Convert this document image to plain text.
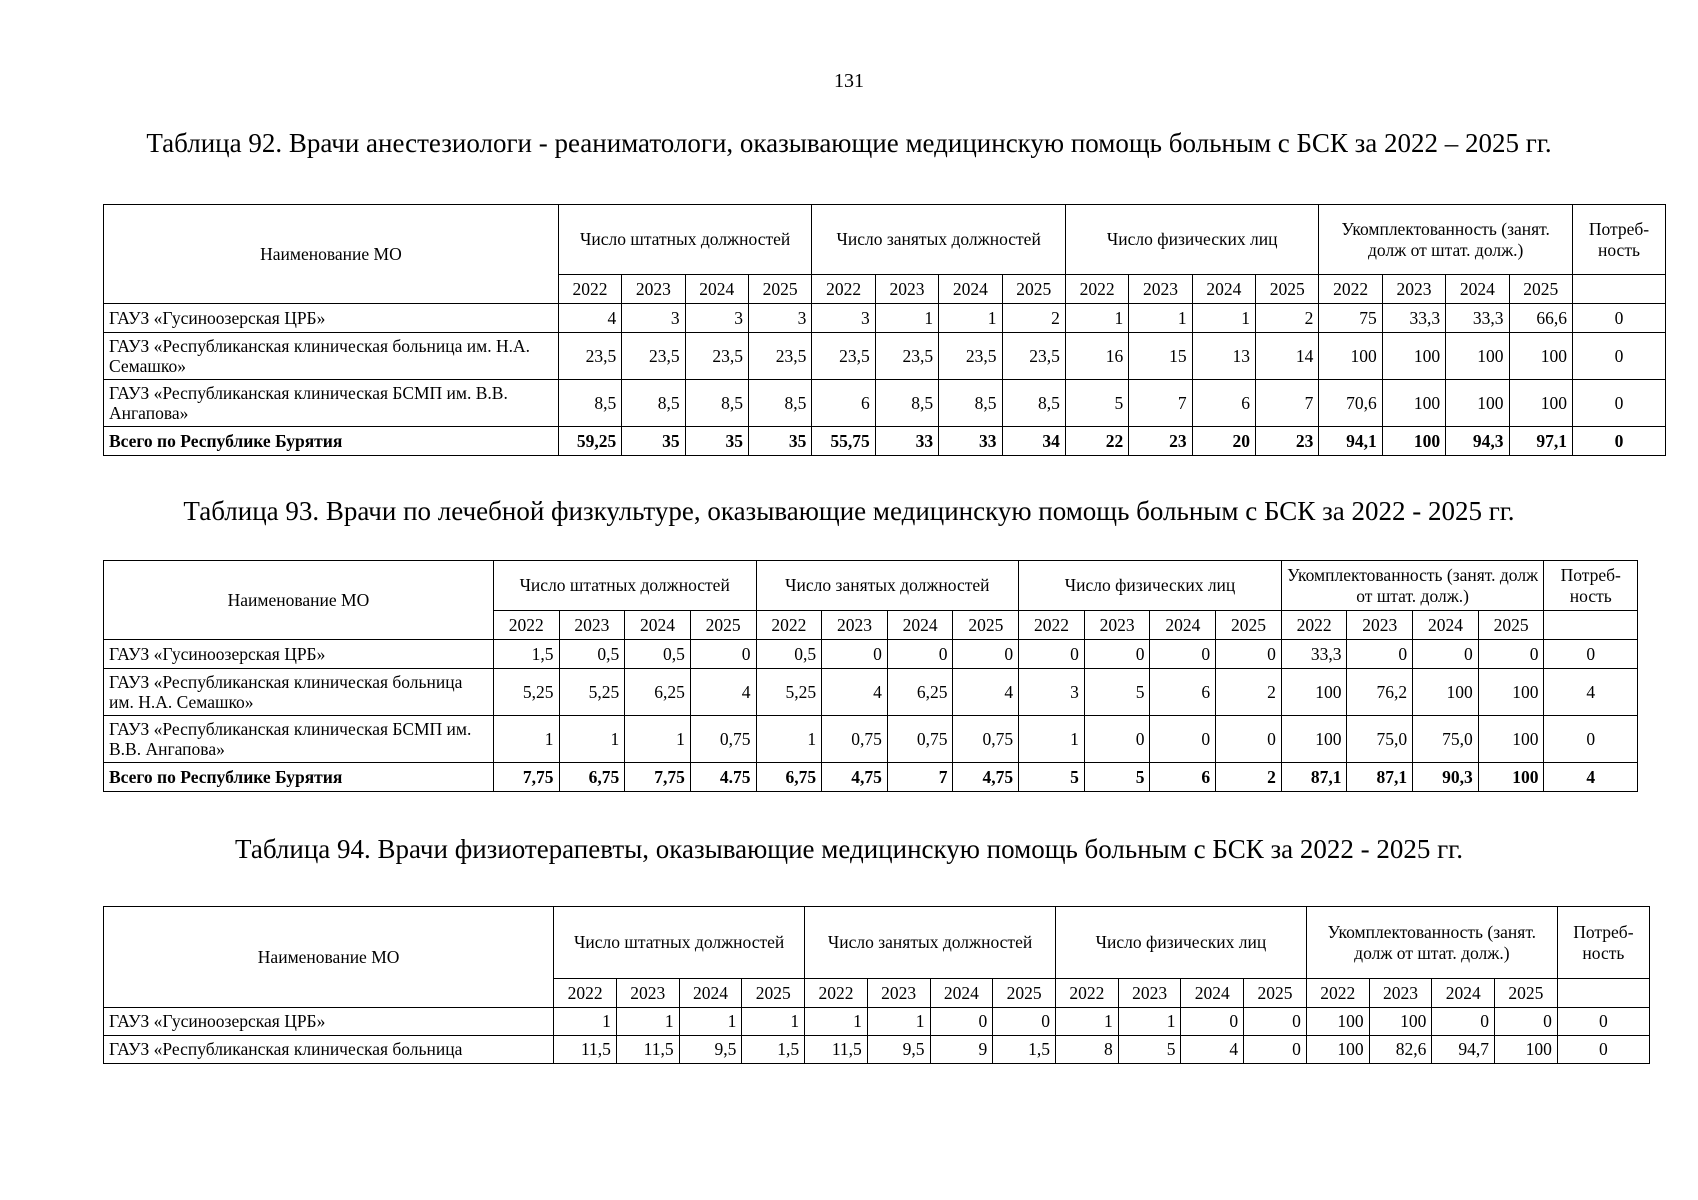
131
Таблица 92. Врачи анестезиологи - реаниматологи, оказывающие медицинскую помощь больным с БСК за 2022 – 2025 гг.
Наименование МО	Число штатных должностей				Число занятых должностей				Число физических лиц				Укомплектованность (занят. долж от штат. долж.)				Потреб-ность
	2022	2023	2024	2025	2022	2023	2024	2025	2022	2023	2024	2025	2022	2023	2024	2025	
ГАУЗ «Гусиноозерская ЦРБ»	4	3	3	3	3	1	1	2	1	1	1	2	75	33,3	33,3	66,6	0
ГАУЗ «Республиканская клиническая больница им. Н.А. Семашко»	23,5	23,5	23,5	23,5	23,5	23,5	23,5	23,5	16	15	13	14	100	100	100	100	0
ГАУЗ «Республиканская клиническая БСМП им. В.В. Ангапова»	8,5	8,5	8,5	8,5	6	8,5	8,5	8,5	5	7	6	7	70,6	100	100	100	0
Всего по Республике Бурятия	59,25	35	35	35	55,75	33	33	34	22	23	20	23	94,1	100	94,3	97,1	0
Таблица 93. Врачи по лечебной физкультуре, оказывающие медицинскую помощь больным с БСК за 2022 - 2025 гг.
Наименование МО	Число штатных должностей				Число занятых должностей				Число физических лиц				Укомплектованность (занят. долж от штат. долж.)				Потреб-ность
	2022	2023	2024	2025	2022	2023	2024	2025	2022	2023	2024	2025	2022	2023	2024	2025	
ГАУЗ «Гусиноозерская ЦРБ»	1,5	0,5	0,5	0	0,5	0	0	0	0	0	0	0	33,3	0	0	0	0
ГАУЗ «Республиканская клиническая больница им. Н.А. Семашко»	5,25	5,25	6,25	4	5,25	4	6,25	4	3	5	6	2	100	76,2	100	100	4
ГАУЗ «Республиканская клиническая БСМП им. В.В. Ангапова»	1	1	1	0,75	1	0,75	0,75	0,75	1	0	0	0	100	75,0	75,0	100	0
Всего по Республике Бурятия	7,75	6,75	7,75	4.75	6,75	4,75	7	4,75	5	5	6	2	87,1	87,1	90,3	100	4
Таблица 94. Врачи физиотерапевты, оказывающие медицинскую помощь больным с БСК за 2022 - 2025 гг.
Наименование МО	Число штатных должностей				Число занятых должностей				Число физических лиц				Укомплектованность (занят. долж от штат. долж.)				Потреб-ность
	2022	2023	2024	2025	2022	2023	2024	2025	2022	2023	2024	2025	2022	2023	2024	2025	
ГАУЗ «Гусиноозерская ЦРБ»	1	1	1	1	1	1	0	0	1	1	0	0	100	100	0	0	0
ГАУЗ «Республиканская клиническая больница	11,5	11,5	9,5	1,5	11,5	9,5	9	1,5	8	5	4	0	100	82,6	94,7	100	0
